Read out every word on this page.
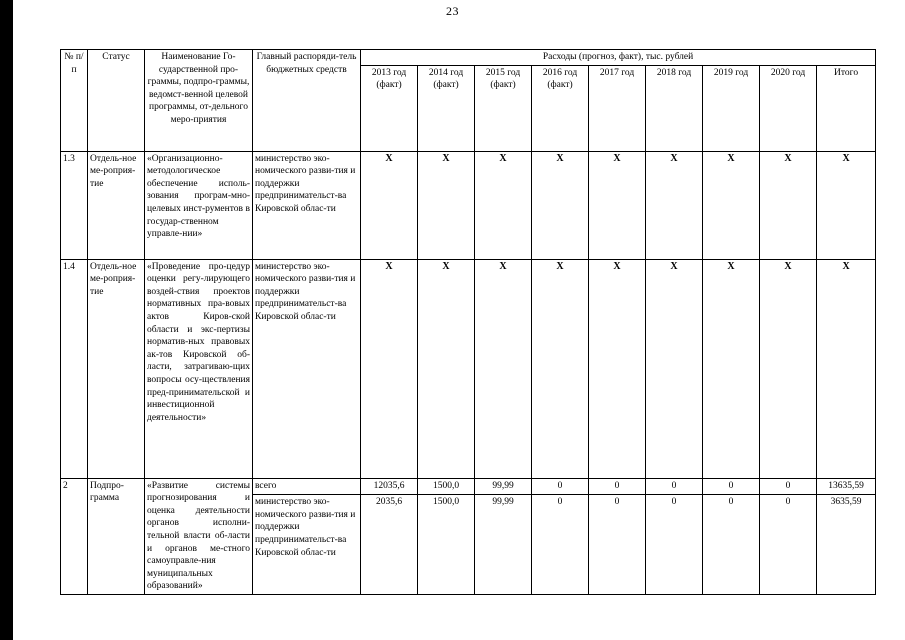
23
№ п/п	Статус	Наименование Го-сударственной про-граммы, подпро-граммы, ведомст-венной целевой программы, от-дельного меро-приятия	Главный распоряди-тель бюджетных средств	Расходы (прогноз, факт), тыс. рублей								
				2013 год (факт)	2014 год (факт)	2015 год (факт)	2016 год (факт)	2017 год	2018 год	2019 год	2020 год	Итого
1.3	Отдель-ное ме-роприя-тие	«Организационно-методологическое обеспечение исполь-зования програм-мно-целевых инст-рументов в государ-ственном управле-нии»	министерство эко-номического разви-тия и поддержки предпринимательст-ва Кировской облас-ти	Х	Х	Х	Х	Х	Х	Х	Х	Х
1.4	Отдель-ное ме-роприя-тие	«Проведение про-цедур оценки регу-лирующего воздей-ствия проектов нормативных пра-вовых актов Киров-ской области и экс-пертизы норматив-ных правовых ак-тов Кировской об-ласти, затрагиваю-щих вопросы осу-ществления пред-принимательской и инвестиционной деятельности»	министерство эко-номического разви-тия и поддержки предпринимательст-ва Кировской облас-ти	Х	Х	Х	Х	Х	Х	Х	Х	Х
2	Подпро-грамма	«Развитие системы прогнозирования и оценка деятельности органов исполни-тельной власти об-ласти и органов ме-стного самоуправле-ния муниципальных образований»	всего	12035,6	1500,0	99,99	0	0	0	0	0	13635,59
			министерство эко-номического разви-тия и поддержки предпринимательст-ва Кировской облас-ти	2035,6	1500,0	99,99	0	0	0	0	0	3635,59
